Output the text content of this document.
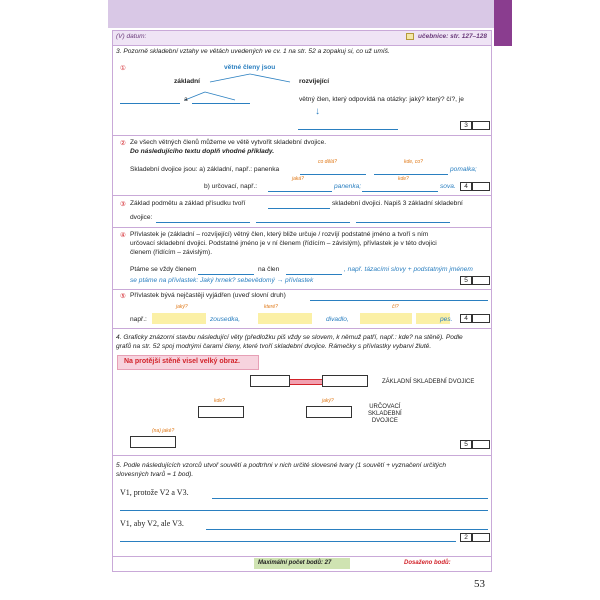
(V) datum:	učebnice: str. 127–128
3. Pozorně skladební vztahy ve větách uvedených ve cv. 1 na str. 52 a zopakuj si, co už umíš.
①	větné členy jsou
základní	rozvíjející
a	větný člen, který odpovídá na otázky: jaký? který? čí?, je
↓
3
② Ze všech větných členů můžeme ve větě vytvořit skladební dvojice.
Do následujícího textu doplň vhodné příklady.
co dělá?	kde, co?
Skladební dvojice jsou: a) základní, např.: panenka	pomalka;
jaká?	kde?
b) určovací, např.:	panenka;	sova.	4
③ Základ podmětu a základ přísudku tvoří	skladební dvojici. Napiš 3 základní skladební
dvojice:
④ Přívlastek je (základní – rozvíjející) větný člen, který bliže určuje / rozvíjí podstatné jméno a tvoří s ním
určovací skladební dvojici. Podstatné jméno je v ní členem (řídícím – závislým), přívlastek je v této dvojici
členem (řídícím – závislým).
Ptáme se vždy členem	na člen	, např. tázacími slovy + podstatným jménem
se ptáme na přívlastek: Jaký hrnek? sebevědomý → přívlastek	5
⑤ Přívlastek bývá nejčastěji vyjádřen (uveď slovní druh)
jaký?	které?	čí?
např.:	zousedka,	divadlo,	pes.	4
4. Graficky znázorni stavbu následující věty (předložku piš vždy se slovem, k němuž patří, např.: kde? na stěně). Podle
grafů na str. 52 spoj modrými čarami členy, které tvoří skladební dvojice. Rámečky s přívlastky vybarvi žlutě.
Na protější stěně visel velký obraz.
ZÁKLADNÍ SKLADEBNÍ DVOJICE
kde?	jaký?
URČOVACÍ
SKLADEBNÍ
DVOJICE
(na) jaké?
5
5. Podle následujících vzorců utvoř souvětí a podtrhni v nich určité slovesné tvary (1 souvětí + vyznačení určitých
slovesných tvarů = 1 bod).
V1, protože V2 a V3.
V1, aby V2, ale V3.
2
Maximální počet bodů: 27	Dosaženo bodů:
53
